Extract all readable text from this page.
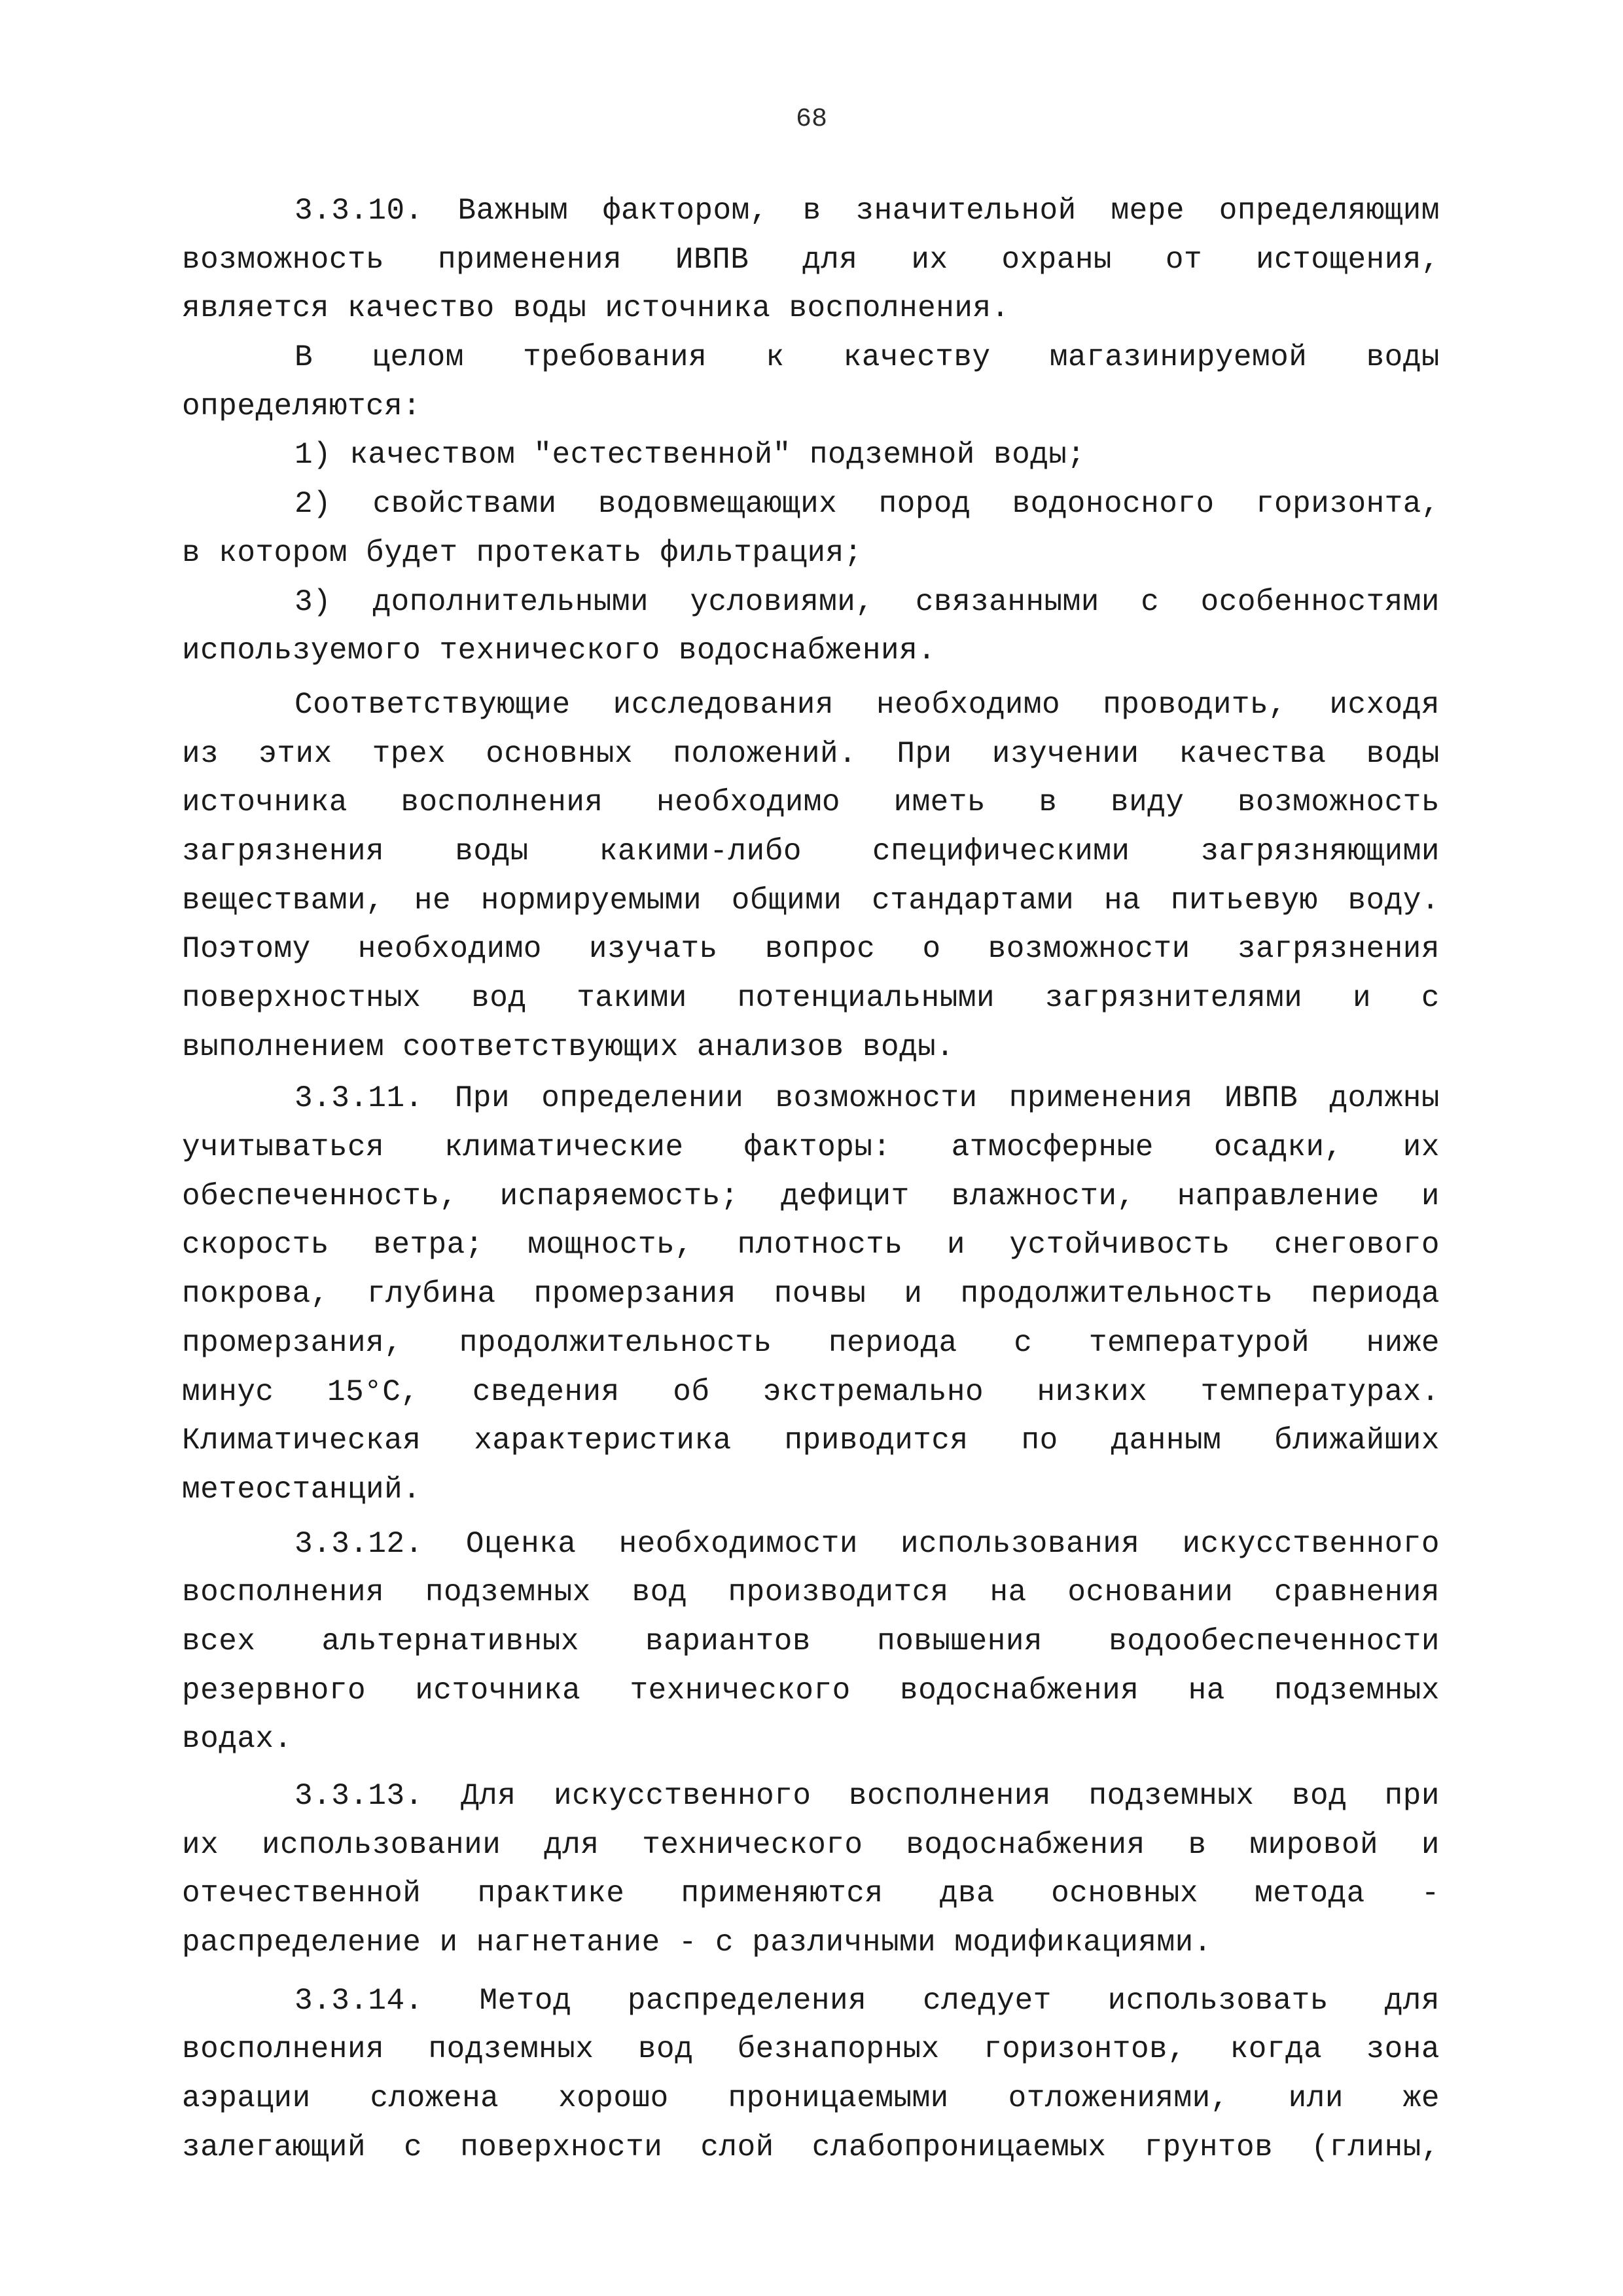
68
3.3.10. Важным фактором, в значительной мере определяющим
возможность применения ИВПВ для их охраны от истощения,
является качество воды источника восполнения.
В целом требования к качеству магазинируемой воды
определяются:
1) качеством "естественной" подземной воды;
2) свойствами водовмещающих пород водоносного горизонта,
в котором будет протекать фильтрация;
3) дополнительными условиями, связанными с особенностями
используемого технического водоснабжения.
Соответствующие исследования необходимо проводить, исходя
из этих трех основных положений. При изучении качества воды
источника восполнения необходимо иметь в виду возможность
загрязнения воды какими-либо специфическими загрязняющими
веществами, не нормируемыми общими стандартами на питьевую воду.
Поэтому необходимо изучать вопрос о возможности загрязнения
поверхностных вод такими потенциальными загрязнителями и с
выполнением соответствующих анализов воды.
3.3.11. При определении возможности применения ИВПВ должны
учитываться климатические факторы: атмосферные осадки, их
обеспеченность, испаряемость; дефицит влажности, направление и
скорость ветра; мощность, плотность и устойчивость снегового
покрова, глубина промерзания почвы и продолжительность периода
промерзания, продолжительность периода с температурой ниже
минус 15°С, сведения об экстремально низких температурах.
Климатическая характеристика приводится по данным ближайших
метеостанций.
3.3.12. Оценка необходимости использования искусственного
восполнения подземных вод производится на основании сравнения
всех альтернативных вариантов повышения водообеспеченности
резервного источника технического водоснабжения на подземных
водах.
3.3.13. Для искусственного восполнения подземных вод при
их использовании для технического водоснабжения в мировой и
отечественной практике применяются два основных метода -
распределение и нагнетание - с различными модификациями.
3.3.14. Метод распределения следует использовать для
восполнения подземных вод безнапорных горизонтов, когда зона
аэрации сложена хорошо проницаемыми отложениями, или же
залегающий с поверхности слой слабопроницаемых грунтов (глины,
